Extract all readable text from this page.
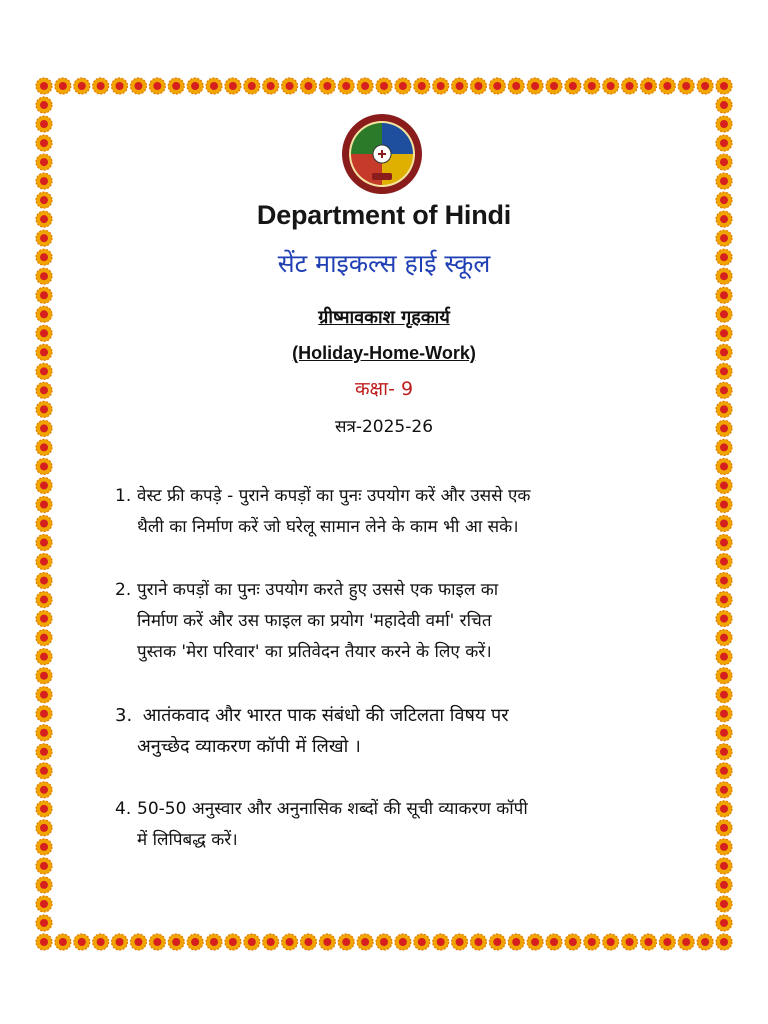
Department of Hindi
सेंट माइकल्स हाई स्कूल
ग्रीष्मावकाश गृहकार्य
(Holiday-Home-Work)
कक्षा- 9
सत्र-2025-26
1. वेस्ट फ्री कपड़े - पुराने कपड़ों का पुनः उपयोग करें और उससे एक
थैली का निर्माण करें जो घरेलू सामान लेने के काम भी आ सके।
2. पुराने कपड़ों का पुनः उपयोग करते हुए उससे एक फाइल का
निर्माण करें और उस फाइल का प्रयोग 'महादेवी वर्मा' रचित
पुस्तक 'मेरा परिवार' का प्रतिवेदन तैयार करने के लिए करें।
3. आतंकवाद और भारत पाक संबंधो की जटिलता विषय पर
अनुच्छेद व्याकरण कॉपी में लिखो ।
4. 50-50 अनुस्वार और अनुनासिक शब्दों की सूची व्याकरण कॉपी
में लिपिबद्ध करें।
